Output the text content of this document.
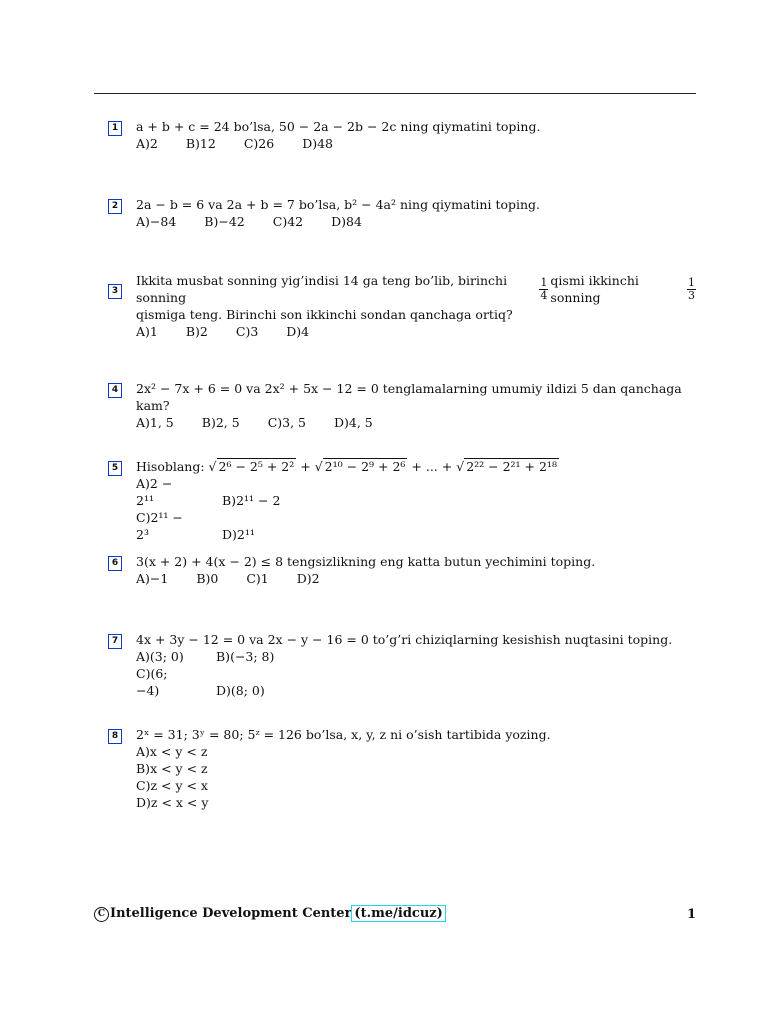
1	a + b + c = 24 bo’lsa, 50 − 2a − 2b − 2c ning qiymatini toping.
A)2 B)12 C)26 D)48
2	2a − b = 6 va 2a + b = 7 bo’lsa, b² − 4a² ning qiymatini toping.
A)−84 B)−42 C)42 D)84
3
Ikkita musbat sonning yig’indisi 14 ga teng bo’lib, birinchi sonning	$\frac{1}{4}$ qismi ikkinchi sonning	$\frac{1}{3}$
qismiga teng. Birinchi son ikkinchi sondan qanchaga ortiq?
A)1 B)2 C)3 D)4
4	2x² − 7x + 6 = 0 va 2x² + 5x − 12 = 0 tenglamalarning umumiy ildizi 5 dan qanchaga kam?
A)1, 5 B)2, 5 C)3, 5 D)4, 5
5	Hisoblang: √ 2⁶ − 2⁵ + 2² + √ 2¹⁰ − 2⁹ + 2⁶ + ... + √ 2²² − 2²¹ + 2¹⁸
A)2 − 2¹¹	B)2¹¹ − 2
C)2¹¹ − 2³	D)2¹¹
6	3(x + 2) + 4(x − 2) ≤ 8 tengsizlikning eng katta butun yechimini toping.
A)−1 B)0 C)1 D)2
7	4x + 3y − 12 = 0 va 2x − y − 16 = 0 to’g’ri chiziqlarning kesishish nuqtasini toping.
A)(3; 0)	B)(−3; 8)
C)(6; −4)	D)(8; 0)
8	2ˣ = 31; 3ʸ = 80; 5ᶻ = 126 bo’lsa, x, y, z ni o’sish tartibida yozing.
A)x < y < z
B)x < y < z
C)z < y < x
D)z < x < y
C Intelligence Development Center (t.me/idcuz)	1
